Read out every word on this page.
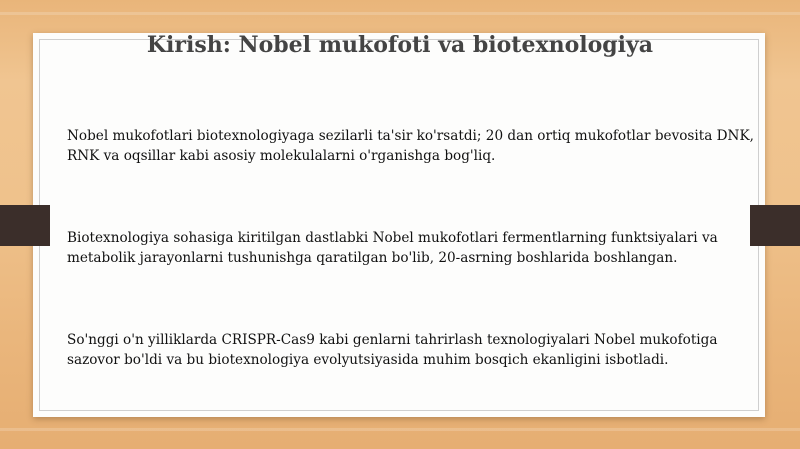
Kirish: Nobel mukofoti va biotexnologiya

Nobel mukofotlari biotexnologiyaga sezilarli ta'sir ko'rsatdi; 20 dan ortiq mukofotlar bevosita DNK, RNK va oqsillar kabi asosiy molekulalarni o'rganishga bog'liq.

Biotexnologiya sohasiga kiritilgan dastlabki Nobel mukofotlari fermentlarning funktsiyalari va metabolik jarayonlarni tushunishga qaratilgan bo'lib, 20-asrning boshlarida boshlangan.

So'nggi o'n yilliklarda CRISPR-Cas9 kabi genlarni tahrirlash texnologiyalari Nobel mukofotiga sazovor bo'ldi va bu biotexnologiya evolyutsiyasida muhim bosqich ekanligini isbotladi.
